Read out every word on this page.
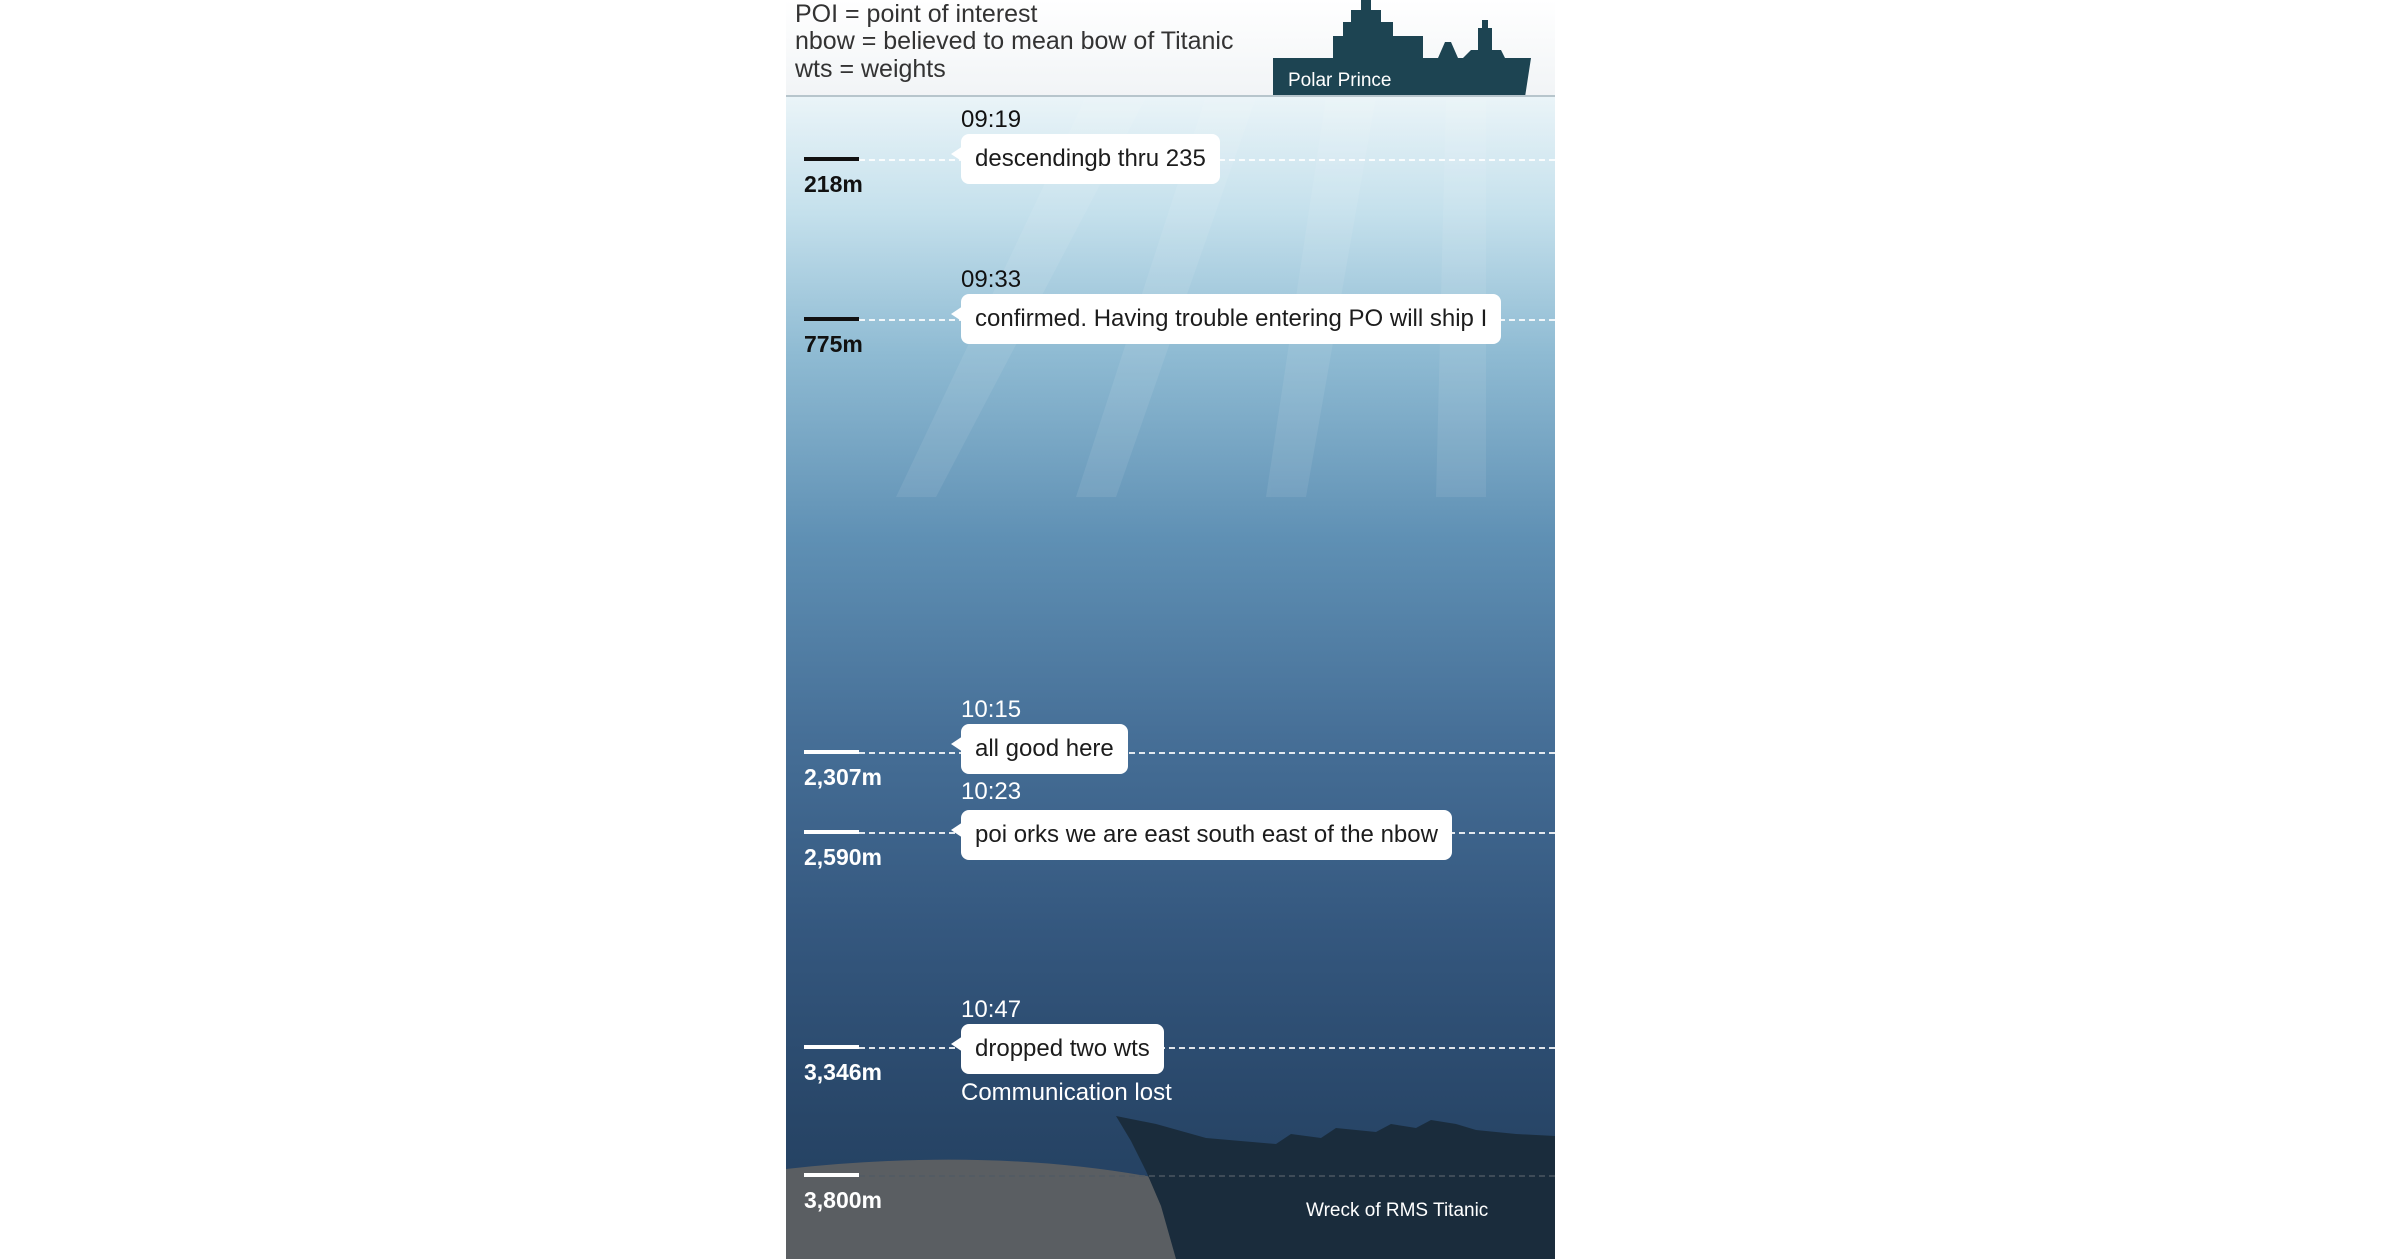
POI = point of interest
nbow = believed to mean bow of Titanic
wts = weights	Polar Prince
218m
09:19
descendingb thru 235
775m
09:33
confirmed. Having trouble entering PO will ship I
2,307m
10:15
all good here
2,590m
10:23
poi orks we are east south east of the nbow
3,346m
10:47
dropped two wts
Communication lost
3,800m	Wreck of RMS Titanic
